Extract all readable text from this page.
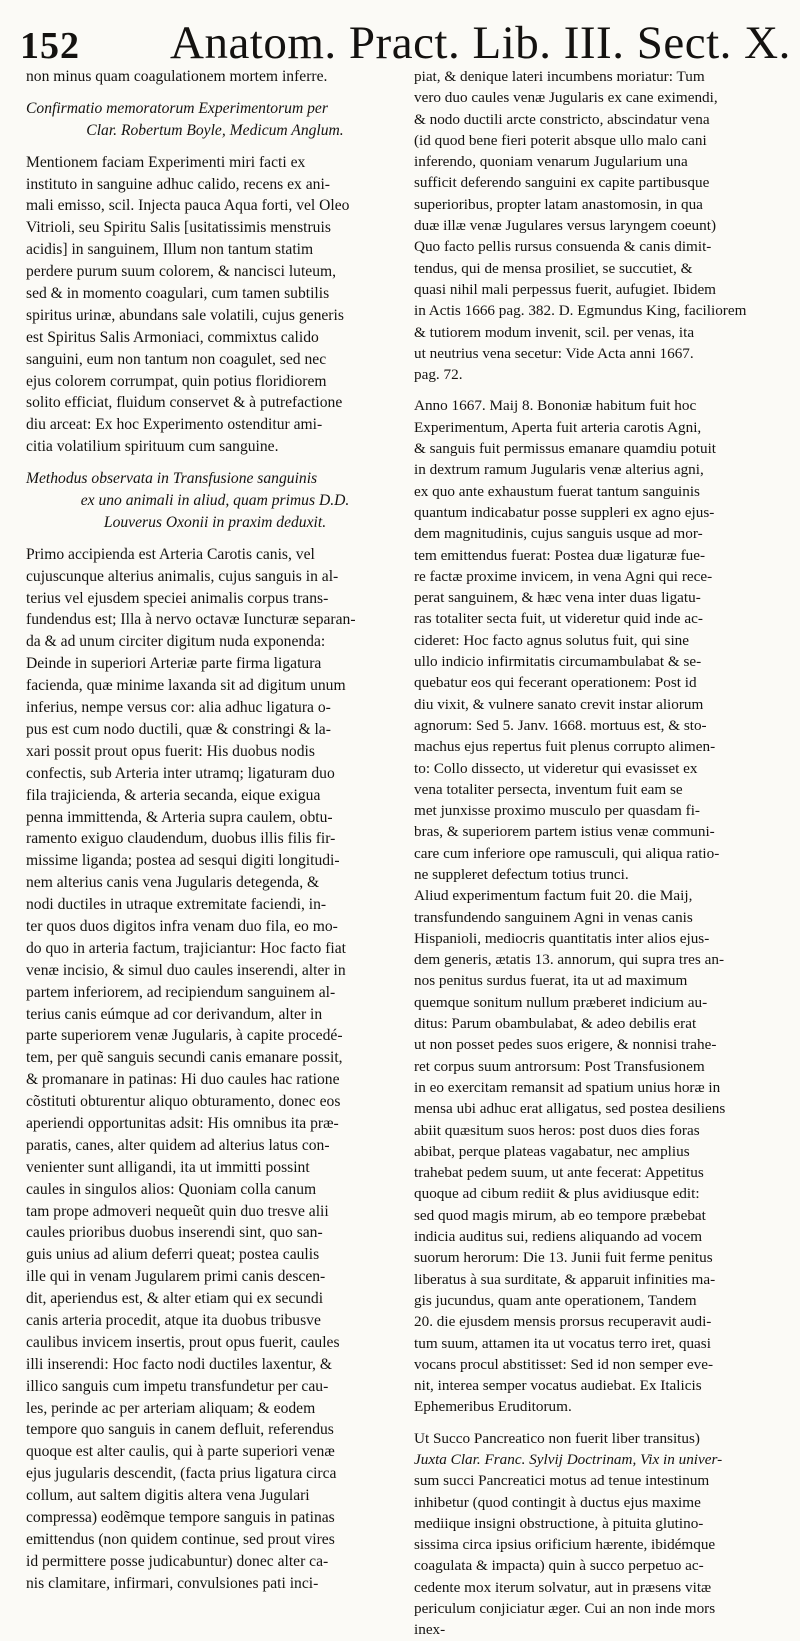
152 Anatom. Pract. Lib. III. Sect. X.
non minus quam coagulationem mortem inferre.
Confirmatio memoratorum Experimentorum per
Clar. Robertum Boyle, Medicum Anglum.
Mentionem faciam Experimenti miri facti ex
instituto in sanguine adhuc calido, recens ex ani-
mali emisso, scil. Injecta pauca Aqua forti, vel Oleo
Vitrioli, seu Spiritu Salis [usitatissimis menstruis
acidis] in sanguinem, Illum non tantum statim
perdere purum suum colorem, & nancisci luteum,
sed & in momento coagulari, cum tamen subtilis
spiritus urinæ, abundans sale volatili, cujus generis
est Spiritus Salis Armoniaci, commixtus calido
sanguini, eum non tantum non coagulet, sed nec
ejus colorem corrumpat, quin potius floridiorem
solito efficiat, fluidum conservet & à putrefactione
diu arceat: Ex hoc Experimento ostenditur ami-
citia volatilium spirituum cum sanguine.
Methodus observata in Transfusione sanguinis
ex uno animali in aliud, quam primus D.D.
Louverus Oxonii in praxim deduxit.
Primo accipienda est Arteria Carotis canis, vel
cujuscunque alterius animalis, cujus sanguis in al-
terius vel ejusdem speciei animalis corpus trans-
fundendus est; Illa à nervo octavæ Iuncturæ separan-
da & ad unum circiter digitum nuda exponenda:
Deinde in superiori Arteriæ parte firma ligatura
facienda, quæ minime laxanda sit ad digitum unum
inferius, nempe versus cor: alia adhuc ligatura o-
pus est cum nodo ductili, quæ & constringi & la-
xari possit prout opus fuerit: His duobus nodis
confectis, sub Arteria inter utramq; ligaturam duo
fila trajicienda, & arteria secanda, eique exigua
penna immittenda, & Arteria supra caulem, obtu-
ramento exiguo claudendum, duobus illis filis fir-
missime liganda; postea ad sesqui digiti longitudi-
nem alterius canis vena Jugularis detegenda, &
nodi ductiles in utraque extremitate faciendi, in-
ter quos duos digitos infra venam duo fila, eo mo-
do quo in arteria factum, trajiciantur: Hoc facto fiat
venæ incisio, & simul duo caules inserendi, alter in
partem inferiorem, ad recipiendum sanguinem al-
terius canis eúmque ad cor derivandum, alter in
parte superiorem venæ Jugularis, à capite procedé-
tem, per quẽ sanguis secundi canis emanare possit,
& promanare in patinas: Hi duo caules hac ratione
cõstituti obturentur aliquo obturamento, donec eos
aperiendi opportunitas adsit: His omnibus ita præ-
paratis, canes, alter quidem ad alterius latus con-
venienter sunt alligandi, ita ut immitti possint
caules in singulos alios: Quoniam colla canum
tam prope admoveri nequeũt quin duo tresve alii
caules prioribus duobus inserendi sint, quo san-
guis unius ad alium deferri queat; postea caulis
ille qui in venam Jugularem primi canis descen-
dit, aperiendus est, & alter etiam qui ex secundi
canis arteria procedit, atque ita duobus tribusve
caulibus invicem insertis, prout opus fuerit, caules
illi inserendi: Hoc facto nodi ductiles laxentur, &
illico sanguis cum impetu transfundetur per cau-
les, perinde ac per arteriam aliquam; & eodem
tempore quo sanguis in canem defluit, referendus
quoque est alter caulis, qui à parte superiori venæ
ejus jugularis descendit, (facta prius ligatura circa
collum, aut saltem digitis altera vena Jugulari
compressa) eodẽmque tempore sanguis in patinas
emittendus (non quidem continue, sed prout vires
id permittere posse judicabuntur) donec alter ca-
nis clamitare, infirmari, convulsiones pati inci-
piat, & denique lateri incumbens moriatur: Tum
vero duo caules venæ Jugularis ex cane eximendi,
& nodo ductili arcte constricto, abscindatur vena
(id quod bene fieri poterit absque ullo malo cani
inferendo, quoniam venarum Jugularium una
sufficit deferendo sanguini ex capite partibusque
superioribus, propter latam anastomosin, in qua
duæ illæ venæ Jugulares versus laryngem coeunt)
Quo facto pellis rursus consuenda & canis dimit-
tendus, qui de mensa prosiliet, se succutiet, &
quasi nihil mali perpessus fuerit, aufugiet. Ibidem
in Actis 1666 pag. 382. D. Egmundus King, faciliorem
& tutiorem modum invenit, scil. per venas, ita
ut neutrius vena secetur: Vide Acta anni 1667.
pag. 72.
Anno 1667. Maij 8. Bononiæ habitum fuit hoc
Experimentum, Aperta fuit arteria carotis Agni,
& sanguis fuit permissus emanare quamdiu potuit
in dextrum ramum Jugularis venæ alterius agni,
ex quo ante exhaustum fuerat tantum sanguinis
quantum indicabatur posse suppleri ex agno ejus-
dem magnitudinis, cujus sanguis usque ad mor-
tem emittendus fuerat: Postea duæ ligaturæ fue-
re factæ proxime invicem, in vena Agni qui rece-
perat sanguinem, & hæc vena inter duas ligatu-
ras totaliter secta fuit, ut videretur quid inde ac-
cideret: Hoc facto agnus solutus fuit, qui sine
ullo indicio infirmitatis circumambulabat & se-
quebatur eos qui fecerant operationem: Post id
diu vixit, & vulnere sanato crevit instar aliorum
agnorum: Sed 5. Janv. 1668. mortuus est, & sto-
machus ejus repertus fuit plenus corrupto alimen-
to: Collo dissecto, ut videretur qui evasisset ex
vena totaliter persecta, inventum fuit eam se
met junxisse proximo musculo per quasdam fi-
bras, & superiorem partem istius venæ communi-
care cum inferiore ope ramusculi, qui aliqua ratio-
ne suppleret defectum totius trunci.
Aliud experimentum factum fuit 20. die Maij,
transfundendo sanguinem Agni in venas canis
Hispanioli, mediocris quantitatis inter alios ejus-
dem generis, ætatis 13. annorum, qui supra tres an-
nos penitus surdus fuerat, ita ut ad maximum
quemque sonitum nullum præberet indicium au-
ditus: Parum obambulabat, & adeo debilis erat
ut non posset pedes suos erigere, & nonnisi trahe-
ret corpus suum antrorsum: Post Transfusionem
in eo exercitam remansit ad spatium unius horæ in
mensa ubi adhuc erat alligatus, sed postea desiliens
abiit quæsitum suos heros: post duos dies foras
abibat, perque plateas vagabatur, nec amplius
trahebat pedem suum, ut ante fecerat: Appetitus
quoque ad cibum rediit & plus avidiusque edit:
sed quod magis mirum, ab eo tempore præbebat
indicia auditus sui, rediens aliquando ad vocem
suorum herorum: Die 13. Junii fuit ferme penitus
liberatus à sua surditate, & apparuit infinities ma-
gis jucundus, quam ante operationem, Tandem
20. die ejusdem mensis prorsus recuperavit audi-
tum suum, attamen ita ut vocatus terro iret, quasi
vocans procul abstitisset: Sed id non semper eve-
nit, interea semper vocatus audiebat. Ex Italicis
Ephemeribus Eruditorum.
Ut Succo Pancreatico non fuerit liber transitus)
Juxta Clar. Franc. Sylvij Doctrinam, Vix in univer-
sum succi Pancreatici motus ad tenue intestinum
inhibetur (quod contingit à ductus ejus maxime
mediique insigni obstructione, à pituita glutino-
sissima circa ipsius orificium hærente, ibidémque
coagulata & impacta) quin à succo perpetuo ac-
cedente mox iterum solvatur, aut in præsens vitæ
periculum conjiciatur æger. Cui an non inde mors
inex-
